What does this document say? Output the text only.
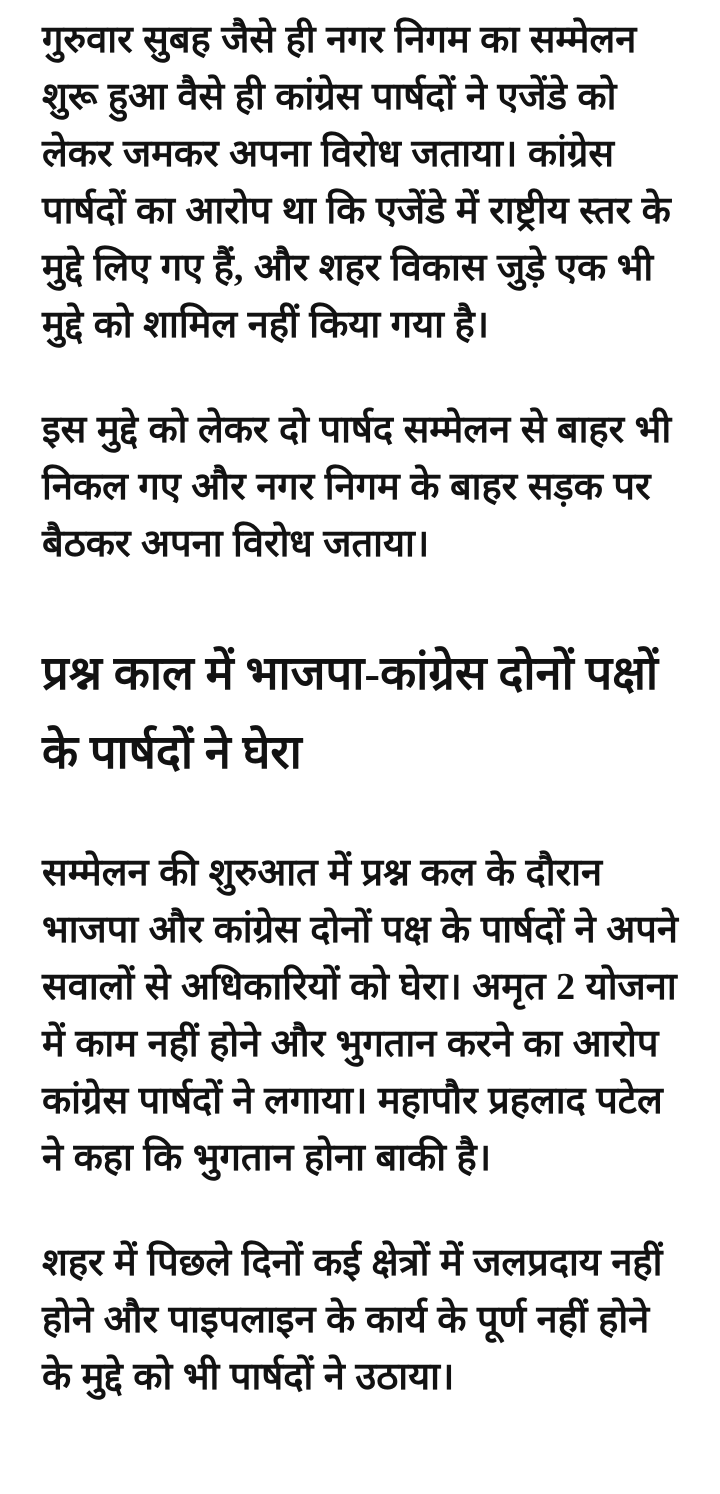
गुरुवार सुबह जैसे ही नगर निगम का सम्मेलन शुरू हुआ वैसे ही कांग्रेस पार्षदों ने एजेंडे को लेकर जमकर अपना विरोध जताया। कांग्रेस पार्षदों का आरोप था कि एजेंडे में राष्ट्रीय स्तर के मुद्दे लिए गए हैं, और शहर विकास जुड़े एक भी मुद्दे को शामिल नहीं किया गया है।

इस मुद्दे को लेकर दो पार्षद सम्मेलन से बाहर भी निकल गए और नगर निगम के बाहर सड़क पर बैठकर अपना विरोध जताया।

प्रश्न काल में भाजपा-कांग्रेस दोनों पक्षों के पार्षदों ने घेरा

सम्मेलन की शुरुआत में प्रश्न कल के दौरान भाजपा और कांग्रेस दोनों पक्ष के पार्षदों ने अपने सवालों से अधिकारियों को घेरा। अमृत 2 योजना में काम नहीं होने और भुगतान करने का आरोप कांग्रेस पार्षदों ने लगाया। महापौर प्रहलाद पटेल ने कहा कि भुगतान होना बाकी है।

शहर में पिछले दिनों कई क्षेत्रों में जलप्रदाय नहीं होने और पाइपलाइन के कार्य के पूर्ण नहीं होने के मुद्दे को भी पार्षदों ने उठाया।
